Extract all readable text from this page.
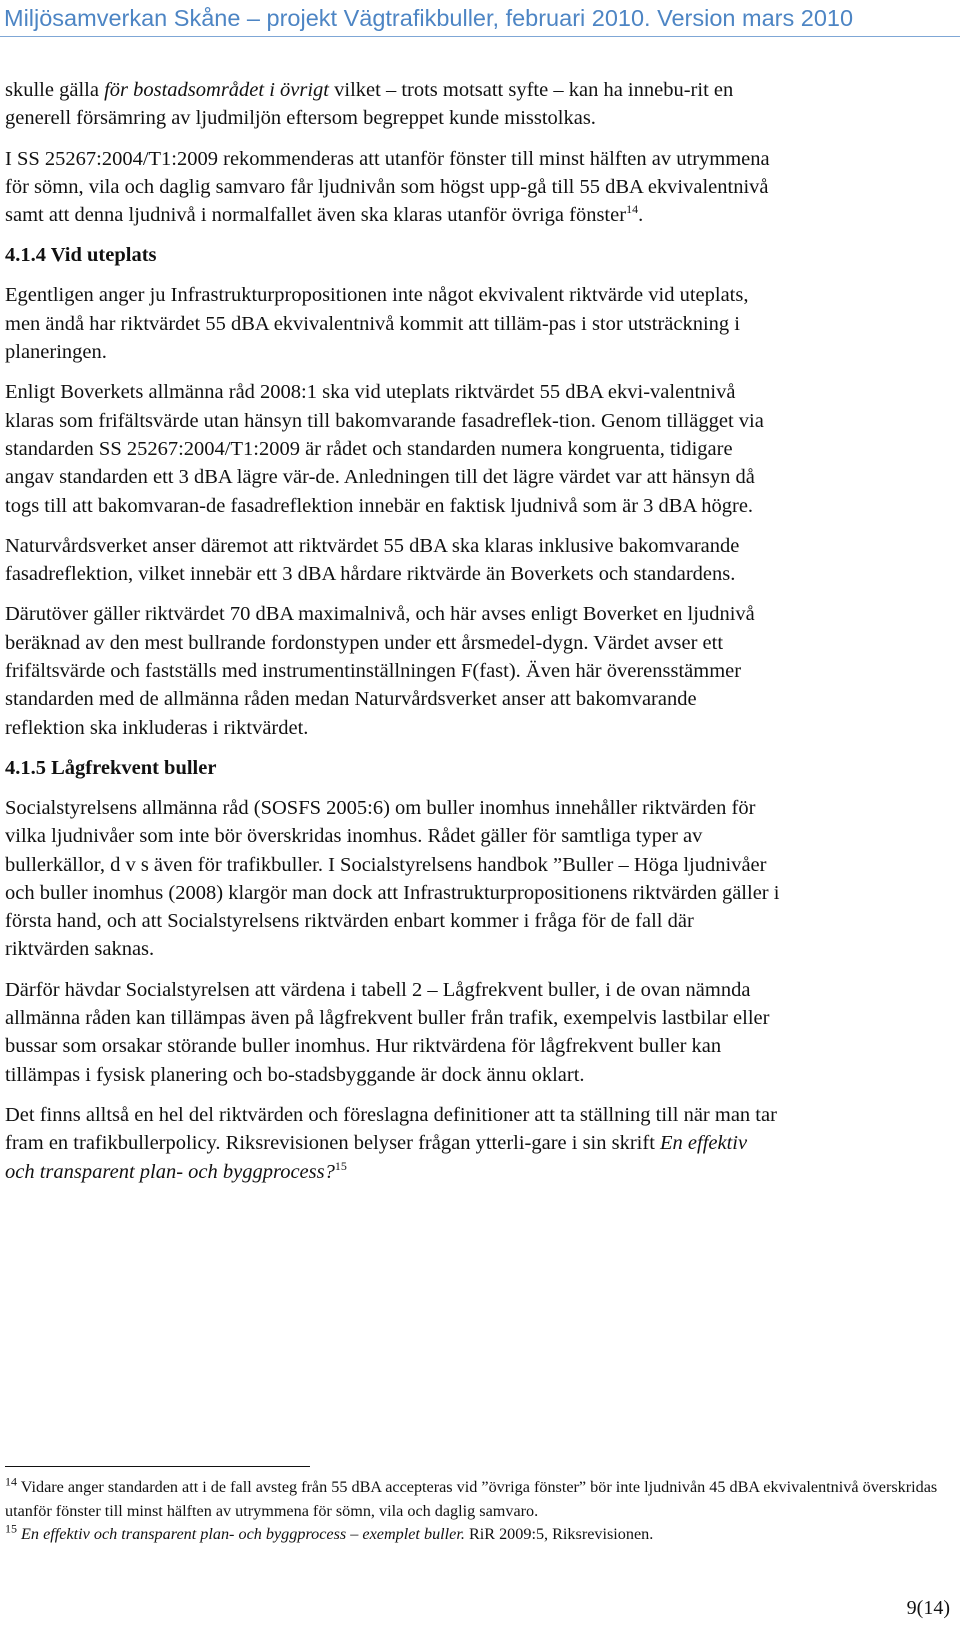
Miljösamverkan Skåne – projekt Vägtrafikbuller, februari 2010. Version mars 2010

skulle gälla för bostadsområdet i övrigt vilket – trots motsatt syfte – kan ha innebu-rit en generell försämring av ljudmiljön eftersom begreppet kunde misstolkas.

I SS 25267:2004/T1:2009 rekommenderas att utanför fönster till minst hälften av utrymmena för sömn, vila och daglig samvaro får ljudnivån som högst upp-gå till 55 dBA ekvivalentnivå samt att denna ljudnivå i normalfallet även ska klaras utanför övriga fönster$^{14}$.

4.1.4 Vid uteplats

Egentligen anger ju Infrastrukturpropositionen inte något ekvivalent riktvärde vid uteplats, men ändå har riktvärdet 55 dBA ekvivalentnivå kommit att tilläm-pas i stor utsträckning i planeringen.

Enligt Boverkets allmänna råd 2008:1 ska vid uteplats riktvärdet 55 dBA ekvi-valentnivå klaras som frifältsvärde utan hänsyn till bakomvarande fasadreflek-tion. Genom tillägget via standarden SS 25267:2004/T1:2009 är rådet och standarden numera kongruenta, tidigare angav standarden ett 3 dBA lägre vär-de. Anledningen till det lägre värdet var att hänsyn då togs till att bakomvaran-de fasadreflektion innebär en faktisk ljudnivå som är 3 dBA högre.

Naturvårdsverket anser däremot att riktvärdet 55 dBA ska klaras inklusive bakomvarande fasadreflektion, vilket innebär ett 3 dBA hårdare riktvärde än Boverkets och standardens.

Därutöver gäller riktvärdet 70 dBA maximalnivå, och här avses enligt Boverket en ljudnivå beräknad av den mest bullrande fordonstypen under ett årsmedel-dygn. Värdet avser ett frifältsvärde och fastställs med instrumentinställningen F(fast). Även här överensstämmer standarden med de allmänna råden medan Naturvårdsverket anser att bakomvarande reflektion ska inkluderas i riktvärdet.

4.1.5 Lågfrekvent buller

Socialstyrelsens allmänna råd (SOSFS 2005:6) om buller inomhus innehåller riktvärden för vilka ljudnivåer som inte bör överskridas inomhus. Rådet gäller för samtliga typer av bullerkällor, d v s även för trafikbuller. I Socialstyrelsens handbok ”Buller – Höga ljudnivåer och buller inomhus (2008) klargör man dock att Infrastrukturpropositionens riktvärden gäller i första hand, och att Socialstyrelsens riktvärden enbart kommer i fråga för de fall där riktvärden saknas.

Därför hävdar Socialstyrelsen att värdena i tabell 2 – Lågfrekvent buller, i de ovan nämnda allmänna råden kan tillämpas även på lågfrekvent buller från trafik, exempelvis lastbilar eller bussar som orsakar störande buller inomhus. Hur riktvärdena för lågfrekvent buller kan tillämpas i fysisk planering och bo-stadsbyggande är dock ännu oklart.

Det finns alltså en hel del riktvärden och föreslagna definitioner att ta ställning till när man tar fram en trafikbullerpolicy. Riksrevisionen belyser frågan ytterli-gare i sin skrift En effektiv och transparent plan- och byggprocess?$^{15}$

$^{14}$ Vidare anger standarden att i de fall avsteg från 55 dBA accepteras vid ”övriga fönster” bör inte ljudnivån 45 dBA ekvivalentnivå överskridas utanför fönster till minst hälften av utrymmena för sömn, vila och daglig samvaro.

$^{15}$ En effektiv och transparent plan- och byggprocess – exemplet buller. RiR 2009:5, Riksrevisionen.

9(14)
